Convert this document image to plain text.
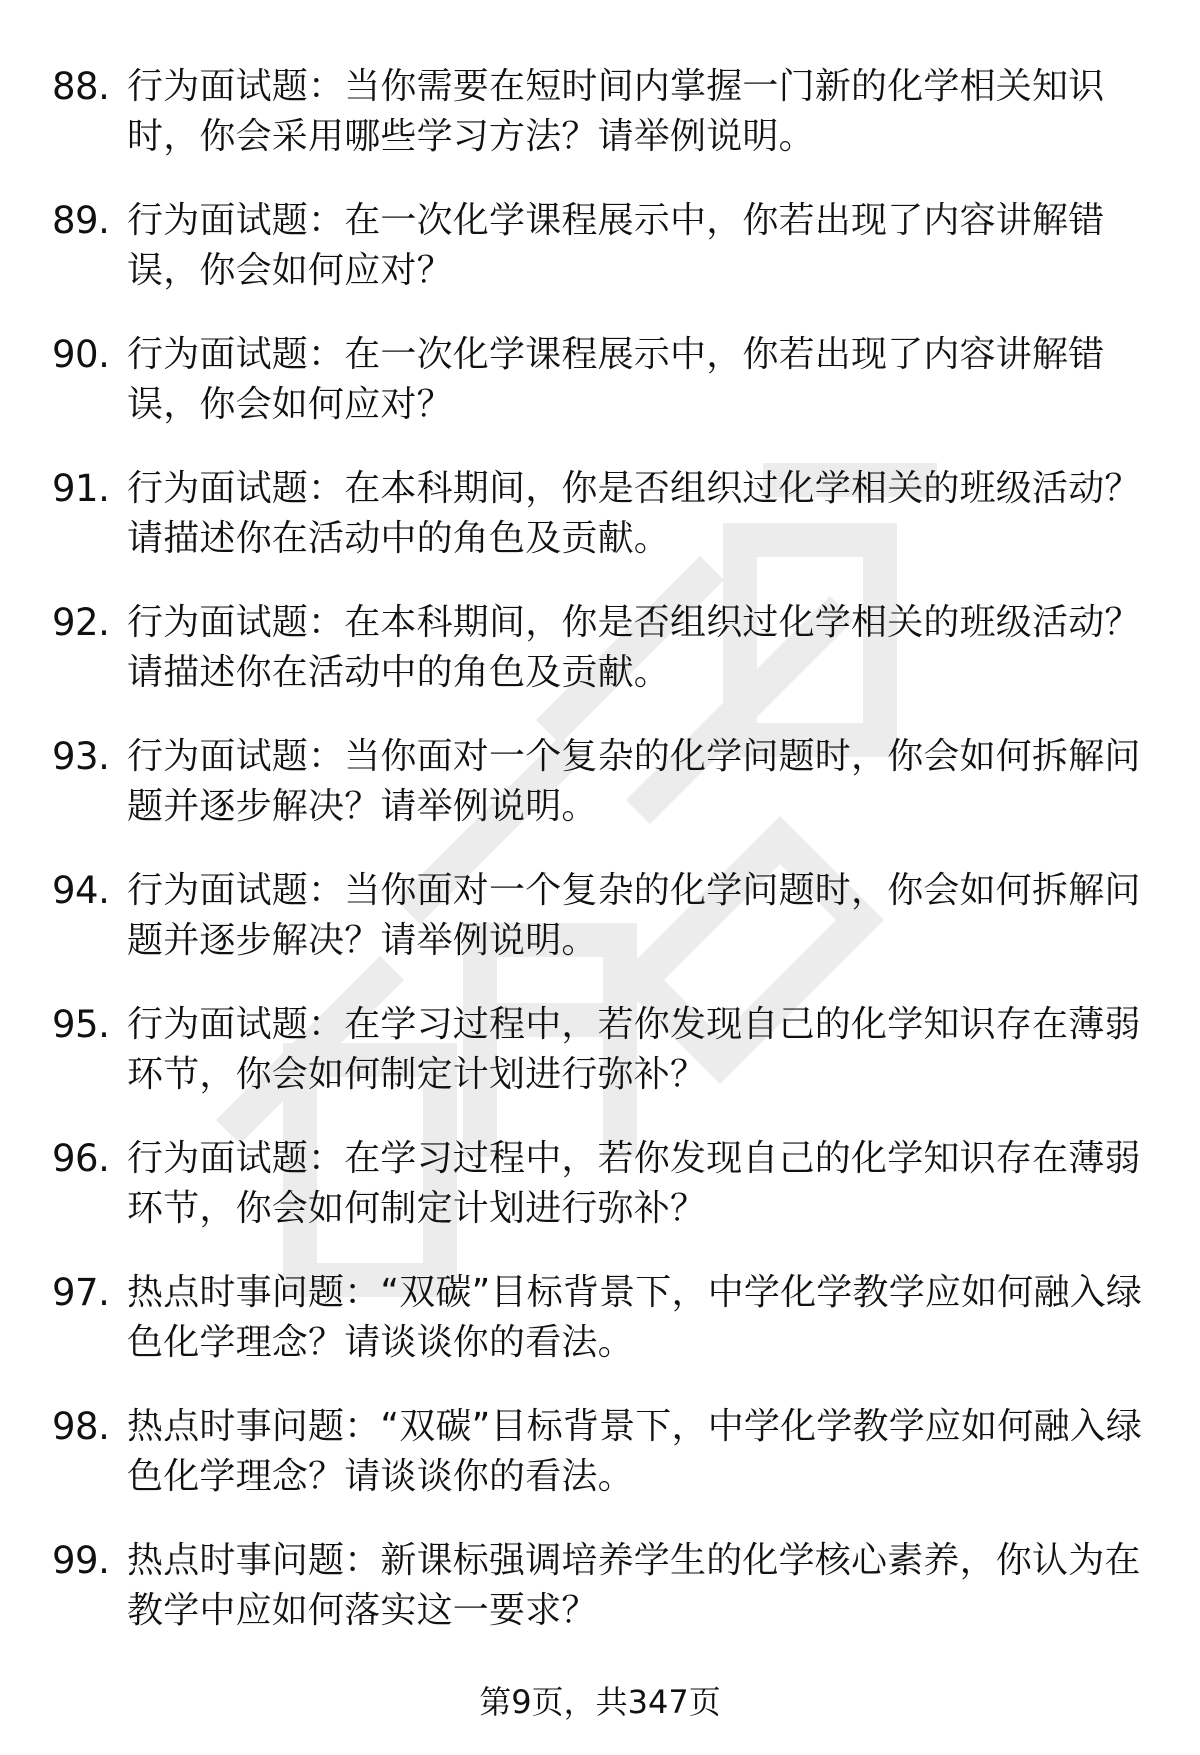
88. 行为面试题：当你需要在短时间内掌握一门新的化学相关知识时，你会采用哪些学习方法？请举例说明。
89. 行为面试题：在一次化学课程展示中，你若出现了内容讲解错误，你会如何应对？
90. 行为面试题：在一次化学课程展示中，你若出现了内容讲解错误，你会如何应对？
91. 行为面试题：在本科期间，你是否组织过化学相关的班级活动？请描述你在活动中的角色及贡献。
92. 行为面试题：在本科期间，你是否组织过化学相关的班级活动？请描述你在活动中的角色及贡献。
93. 行为面试题：当你面对一个复杂的化学问题时，你会如何拆解问题并逐步解决？请举例说明。
94. 行为面试题：当你面对一个复杂的化学问题时，你会如何拆解问题并逐步解决？请举例说明。
95. 行为面试题：在学习过程中，若你发现自己的化学知识存在薄弱环节，你会如何制定计划进行弥补？
96. 行为面试题：在学习过程中，若你发现自己的化学知识存在薄弱环节，你会如何制定计划进行弥补？
97. 热点时事问题：“双碳”目标背景下，中学化学教学应如何融入绿色化学理念？请谈谈你的看法。
98. 热点时事问题：“双碳”目标背景下，中学化学教学应如何融入绿色化学理念？请谈谈你的看法。
99. 热点时事问题：新课标强调培养学生的化学核心素养，你认为在教学中应如何落实这一要求？
第9页，共347页
